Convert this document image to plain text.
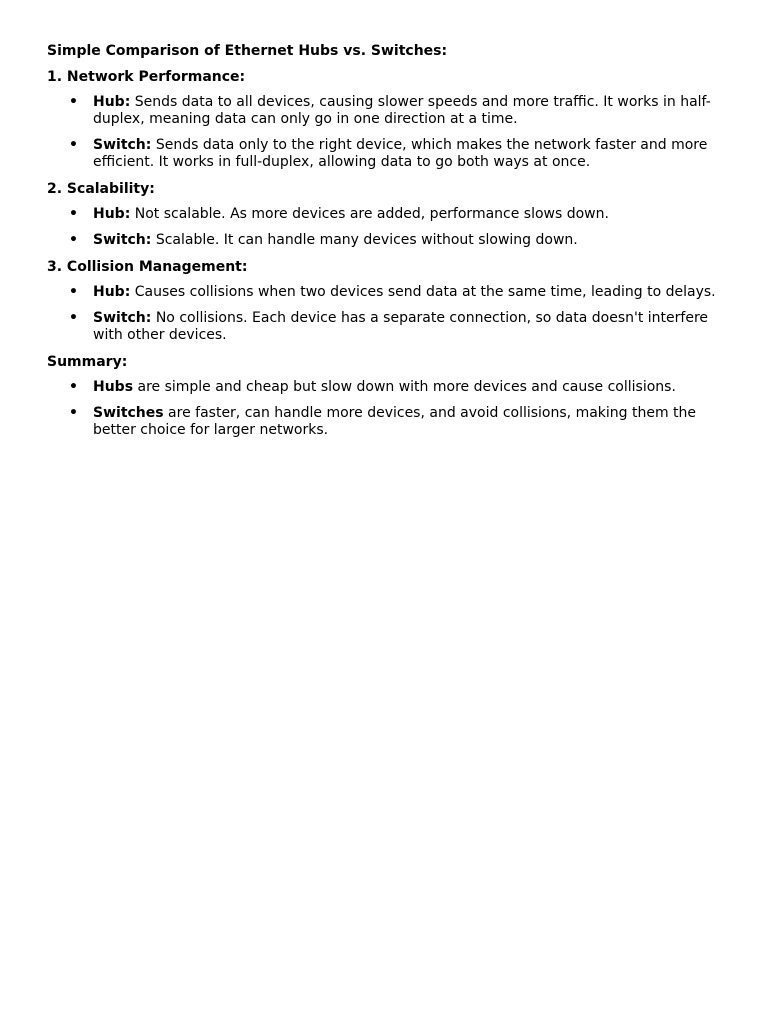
Simple Comparison of Ethernet Hubs vs. Switches:

1. Network Performance:

• Hub: Sends data to all devices, causing slower speeds and more traffic. It works in half-duplex, meaning data can only go in one direction at a time.
• Switch: Sends data only to the right device, which makes the network faster and more efficient. It works in full-duplex, allowing data to go both ways at once.

2. Scalability:

• Hub: Not scalable. As more devices are added, performance slows down.
• Switch: Scalable. It can handle many devices without slowing down.

3. Collision Management:

• Hub: Causes collisions when two devices send data at the same time, leading to delays.
• Switch: No collisions. Each device has a separate connection, so data doesn't interfere with other devices.

Summary:

• Hubs are simple and cheap but slow down with more devices and cause collisions.
• Switches are faster, can handle more devices, and avoid collisions, making them the better choice for larger networks.
